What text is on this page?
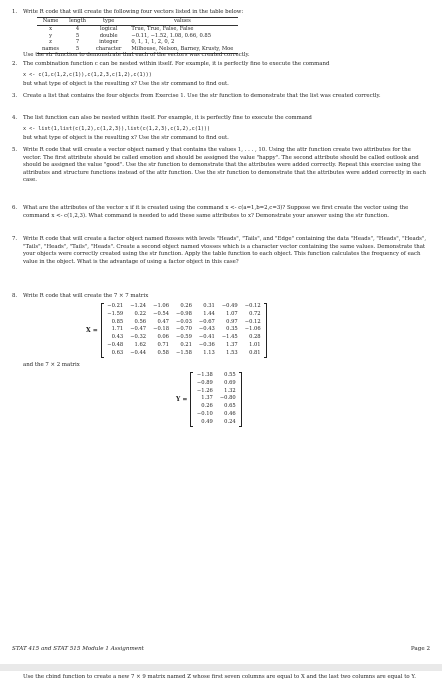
1.	Write R code that will create the following four vectors listed in the table below:
Name	length	type	values
x	4	logical	True, True, False, False
y	5	double	−0.11, −1.52, 1.08, 0.66, 0.85
z	7	integer	0, 1, 1, 1, 2, 0, 2
names	5	character	Milhouse, Nelson, Barney, Krusty, Moe
Use the str function to demonstrate that each of the vectors was created correctly.
2.	The combination function c can be nested within itself. For example, it is perfectly fine to execute the command
x <- c(1,c(1,2,c(1)),c(1,2,3,c(1,2),c(1)))
but what type of object is the resulting x? Use the str command to find out.
3.	Create a list that contains the four objects from Exercise 1. Use the str function to demonstrate that the list was created correctly.
4.	The list function can also be nested within itself. For example, it is perfectly fine to execute the command
x <- list(1,list(c(1,2),c(1,2,3)),list(c(1,2,3),c(1,2),c(1)))
but what type of object is the resulting x? Use the str command to find out.
5.	Write R code that will create a vector object named y that contains the values 1, . . . , 10. Using the attr function create two attributes for the vector. The first attribute should be called emotion and should be assigned the value "happy". The second attribute should be called outlook and should be assigned the value "good". Use the str function to demonstrate that the attributes were added correctly. Repeat this exercise using the attributes and structure functions instead of the attr function. Use the str function to demonstrate that the attributes were added correctly in each case.
6.	What are the attributes of the vector x if it is created using the command x <- c(a=1,b=2,c=3)? Suppose we first create the vector using the command x <- c(1,2,3). What command is needed to add these same attributes to x? Demonstrate your answer using the str function.
7.	Write R code that will create a factor object named ftosses with levels "Heads", "Tails", and "Edge" containing the data "Heads", "Heads", "Heads", "Tails", "Heads", "Tails", "Heads". Create a second object named vtosses which is a character vector containing the same values. Demonstrate that your objects were correctly created using the str function. Apply the table function to each object. This function calculates the frequency of each value in the object. What is the advantage of using a factor object in this case?
8.	Write R code that will create the 7 × 7 matrix
X =
−0.21	−1.24	−1.06	0.26	0.31	−0.49	−0.12
−1.59	0.22	−0.54	−0.98	1.44	1.07	0.72
0.85	0.56	0.47	−0.03	−0.67	0.97	−0.12
1.71	−0.47	−0.18	−0.70	−0.43	0.35	−1.06
0.43	−0.32	0.06	−0.59	−0.41	−1.45	0.28
−0.48	1.62	0.71	0.21	−0.36	1.37	1.01
0.63	−0.44	0.58	−1.58	1.13	1.53	0.81
and the 7 × 2 matrix
Y =
−1.38	0.55
−0.89	0.69
−1.26	1.32
1.37	−0.80
0.26	0.65
−0.10	0.46
0.49	0.24
STAT 415 and STAT 515 Module 1 Assignment	Page 2
Use the cbind function to create a new 7 × 9 matrix named Z whose first seven columns are equal to X and the last two columns are equal to Y.
